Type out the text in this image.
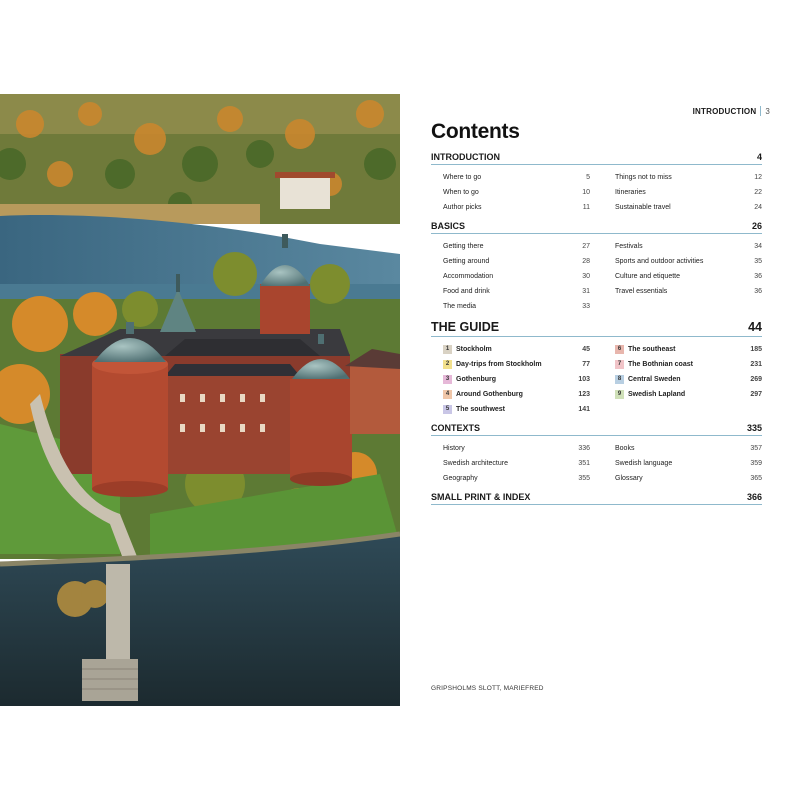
INTRODUCTION 3
Contents
INTRODUCTION	4
Where to go	5
When to go	10
Author picks	11
Things not to miss	12
Itineraries	22
Sustainable travel	24
BASICS	26
Getting there	27
Getting around	28
Accommodation	30
Food and drink	31
The media	33
Festivals	34
Sports and outdoor activities	35
Culture and etiquette	36
Travel essentials	36
THE GUIDE	44
1 Stockholm	45
2 Day-trips from Stockholm	77
3 Gothenburg	103
4 Around Gothenburg	123
5 The southwest	141
6 The southeast	185
7 The Bothnian coast	231
8 Central Sweden	269
9 Swedish Lapland	297
CONTEXTS	335
History	336
Swedish architecture	351
Geography	355
Books	357
Swedish language	359
Glossary	365
SMALL PRINT & INDEX	366
GRIPSHOLMS SLOTT, MARIEFRED
